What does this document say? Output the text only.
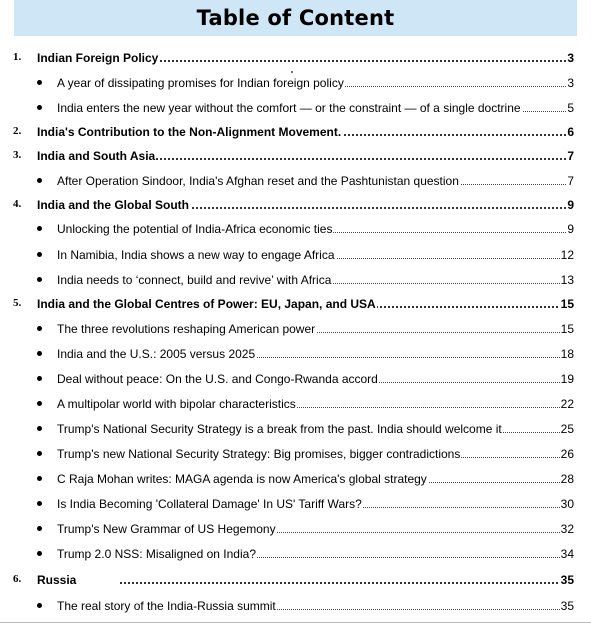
Table of Content
1. Indian Foreign Policy	3
A year of dissipating promises for Indian foreign policy	3
India enters the new year without the comfort — or the constraint — of a single doctrine	5
2. India's Contribution to the Non-Alignment Movement.	6
3. India and South Asia	7
After Operation Sindoor, India's Afghan reset and the Pashtunistan question	7
4. India and the Global South	9
Unlocking the potential of India-Africa economic ties	9
In Namibia, India shows a new way to engage Africa	12
India needs to ‘connect, build and revive’ with Africa	13
5. India and the Global Centres of Power: EU, Japan, and USA	15
The three revolutions reshaping American power	15
India and the U.S.: 2005 versus 2025	18
Deal without peace: On the U.S. and Congo-Rwanda accord	19
A multipolar world with bipolar characteristics	22
Trump's National Security Strategy is a break from the past. India should welcome it	25
Trump's new National Security Strategy: Big promises, bigger contradictions	26
C Raja Mohan writes: MAGA agenda is now America's global strategy	28
Is India Becoming 'Collateral Damage' In US' Tariff Wars?	30
Trump's New Grammar of US Hegemony	32
Trump 2.0 NSS: Misaligned on India?	34
6. Russia	35
The real story of the India-Russia summit	35
